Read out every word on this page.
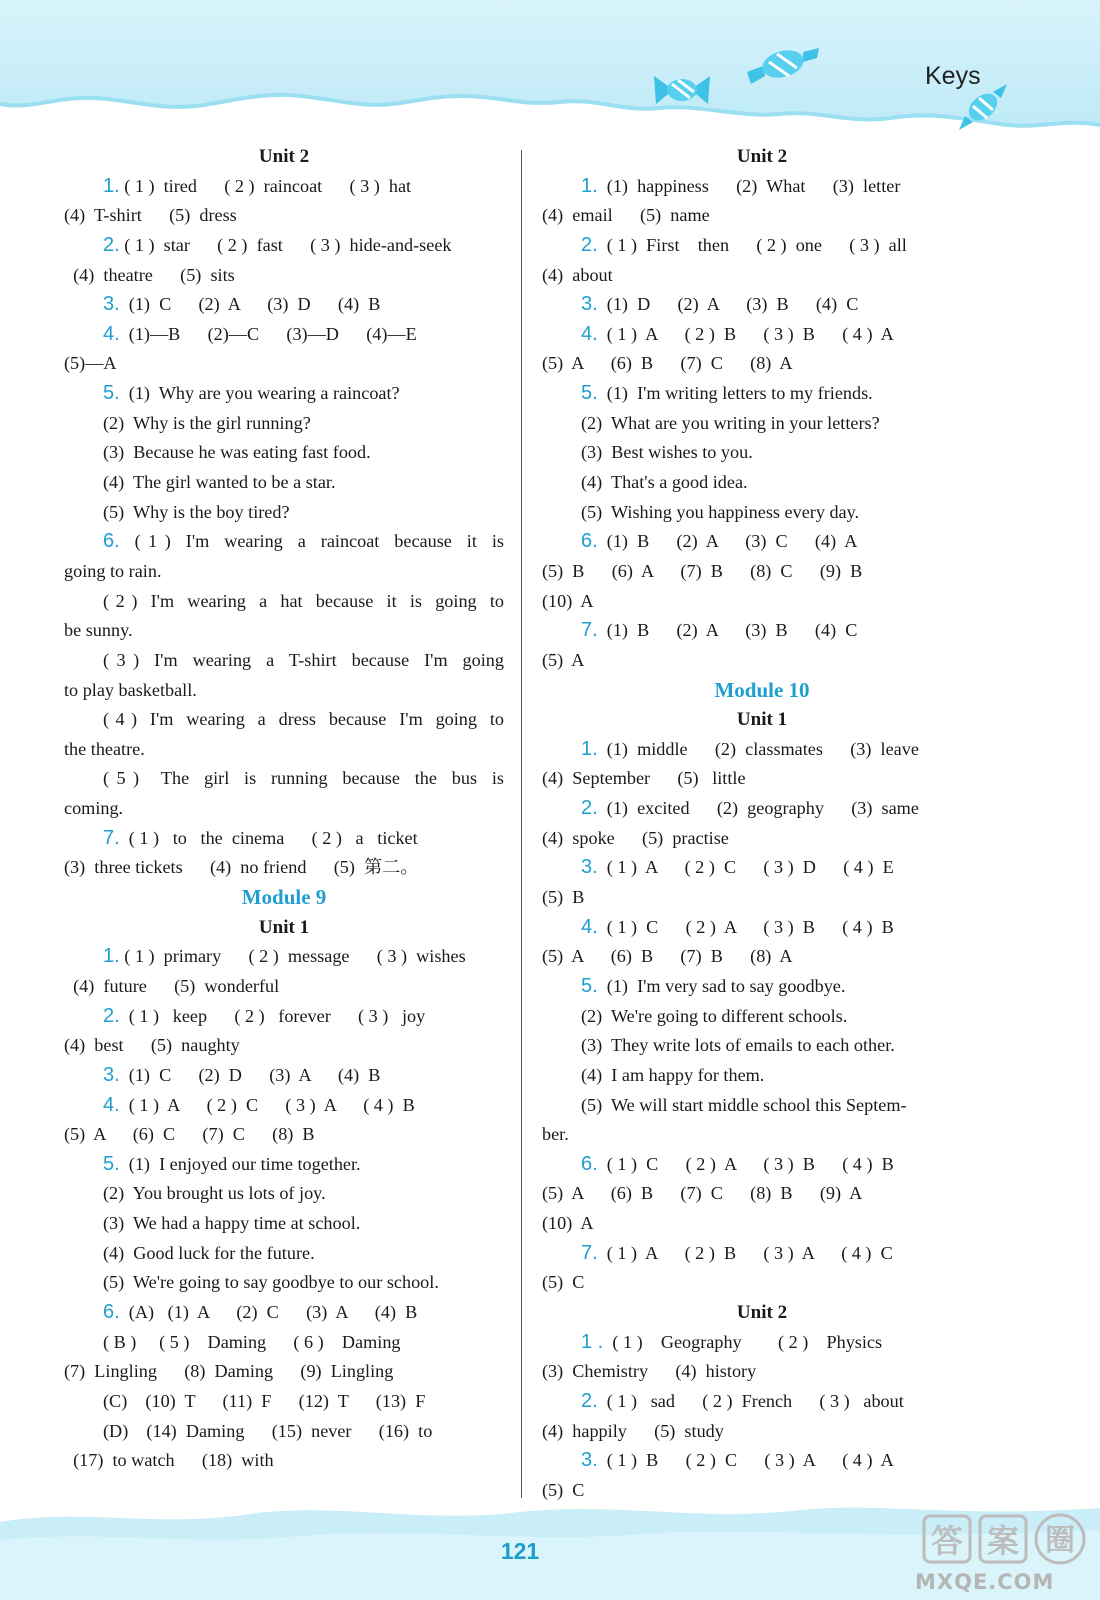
Keys
Unit 2
1. ( 1 )  tired      ( 2 )  raincoat      ( 3 )  hat
(4)  T-shirt      (5)  dress
2. ( 1 )  star      ( 2 )  fast      ( 3 )  hide-and-seek
(4)  theatre      (5)  sits
3.  (1)  C      (2)  A      (3)  D      (4)  B
4.  (1)—B      (2)—C      (3)—D      (4)—E
(5)—A
5.  (1)  Why are you wearing a raincoat?
(2)  Why is the girl running?
(3)  Because he was eating fast food.
(4)  The girl wanted to be a star.
(5)  Why is the boy tired?
6.  ( 1 )  I'm  wearing  a  raincoat  because  it  is
going to rain.
( 2 )  I'm  wearing  a  hat  because  it  is  going  to
be sunny.
( 3 )  I'm  wearing  a  T-shirt  because  I'm  going
to play basketball.
( 4 )  I'm  wearing  a  dress  because  I'm  going  to
the theatre.
( 5 )   The  girl  is  running  because  the  bus  is
coming.
7.  ( 1 )   to   the  cinema      ( 2 )   a   ticket
(3)  three tickets      (4)  no friend      (5)  第二。
Module 9
Unit 1
1. ( 1 )  primary      ( 2 )  message      ( 3 )  wishes
(4)  future      (5)  wonderful
2.  ( 1 )   keep      ( 2 )   forever      ( 3 )   joy
(4)  best      (5)  naughty
3.  (1)  C      (2)  D      (3)  A      (4)  B
4.  ( 1 )  A      ( 2 )  C      ( 3 )  A      ( 4 )  B
(5)  A      (6)  C      (7)  C      (8)  B
5.  (1)  I enjoyed our time together.
(2)  You brought us lots of joy.
(3)  We had a happy time at school.
(4)  Good luck for the future.
(5)  We're going to say goodbye to our school.
6.  (A)   (1)  A      (2)  C      (3)  A      (4)  B
( B )     ( 5 )    Daming      ( 6 )    Daming
(7)  Lingling      (8)  Daming      (9)  Lingling
(C)    (10)  T      (11)  F      (12)  T      (13)  F
(D)    (14)  Daming      (15)  never      (16)  to
(17)  to watch      (18)  with
Unit 2
1.  (1)  happiness      (2)  What      (3)  letter
(4)  email      (5)  name
2.  ( 1 )  First    then      ( 2 )  one      ( 3 )  all
(4)  about
3.  (1)  D      (2)  A      (3)  B      (4)  C
4.  ( 1 )  A      ( 2 )  B      ( 3 )  B      ( 4 )  A
(5)  A      (6)  B      (7)  C      (8)  A
5.  (1)  I'm writing letters to my friends.
(2)  What are you writing in your letters?
(3)  Best wishes to you.
(4)  That's a good idea.
(5)  Wishing you happiness every day.
6.  (1)  B      (2)  A      (3)  C      (4)  A
(5)  B      (6)  A      (7)  B      (8)  C      (9)  B
(10)  A
7.  (1)  B      (2)  A      (3)  B      (4)  C
(5)  A
Module 10
Unit 1
1.  (1)  middle      (2)  classmates      (3)  leave
(4)  September      (5)   little
2.  (1)  excited      (2)  geography      (3)  same
(4)  spoke      (5)  practise
3.  ( 1 )  A      ( 2 )  C      ( 3 )  D      ( 4 )  E
(5)  B
4.  ( 1 )  C      ( 2 )  A      ( 3 )  B      ( 4 )  B
(5)  A      (6)  B      (7)  B      (8)  A
5.  (1)  I'm very sad to say goodbye.
(2)  We're going to different schools.
(3)  They write lots of emails to each other.
(4)  I am happy for them.
(5)  We will start middle school this Septem-
ber.
6.  ( 1 )  C      ( 2 )  A      ( 3 )  B      ( 4 )  B
(5)  A      (6)  B      (7)  C      (8)  B      (9)  A
(10)  A
7.  ( 1 )  A      ( 2 )  B      ( 3 )  A      ( 4 )  C
(5)  C
Unit 2
1 .  ( 1 )    Geography        ( 2 )    Physics
(3)  Chemistry      (4)  history
2.  ( 1 )   sad      ( 2 )  French      ( 3 )   about
(4)  happily      (5)  study
3.  ( 1 )  B      ( 2 )  C      ( 3 )  A      ( 4 )  A
(5)  C
121	答 案 圈
MXQE.COM
